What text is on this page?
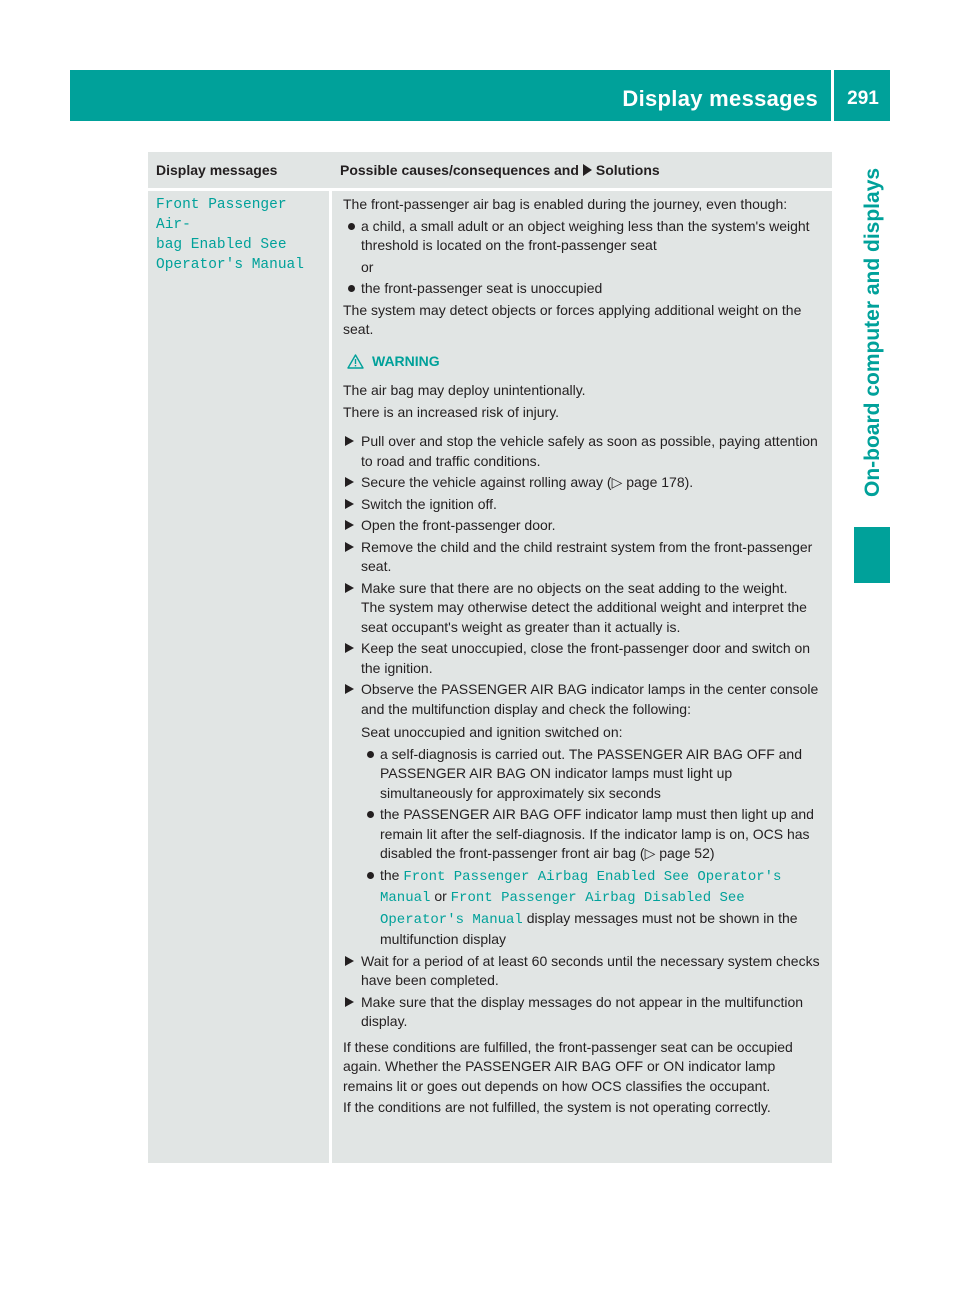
Display messages	291
On-board computer and displays
Display messages	Possible causes/consequences and Solutions
Front Passenger Air‐
bag Enabled See
Operator's Manual

The front-passenger air bag is enabled during the journey, even though:

a child, a small adult or an object weighing less than the system's weight threshold is located on the front-passenger seat
or
the front-passenger seat is unoccupied

The system may detect objects or forces applying additional weight on the seat.

WARNING

The air bag may deploy unintentionally.

There is an increased risk of injury.

Pull over and stop the vehicle safely as soon as possible, paying attention to road and traffic conditions.
Secure the vehicle against rolling away (▷ page 178).
Switch the ignition off.
Open the front-passenger door.
Remove the child and the child restraint system from the front-passenger seat.
Make sure that there are no objects on the seat adding to the weight.
The system may otherwise detect the additional weight and interpret the seat occupant's weight as greater than it actually is.
Keep the seat unoccupied, close the front-passenger door and switch on the ignition.
Observe the PASSENGER AIR BAG indicator lamps in the center console and the multifunction display and check the following:
Seat unoccupied and ignition switched on:
a self-diagnosis is carried out. The PASSENGER AIR BAG OFF and PASSENGER AIR BAG ON indicator lamps must light up simultaneously for approximately six seconds
the PASSENGER AIR BAG OFF indicator lamp must then light up and remain lit after the self-diagnosis. If the indicator lamp is on, OCS has disabled the front-passenger front air bag (▷ page 52)
the Front Passenger Airbag Enabled See Operator's Manual or Front Passenger Airbag Disabled See Operator's Manual display messages must not be shown in the multifunction display
Wait for a period of at least 60 seconds until the necessary system checks have been completed.
Make sure that the display messages do not appear in the multifunction display.

If these conditions are fulfilled, the front-passenger seat can be occupied again. Whether the PASSENGER AIR BAG OFF or ON indicator lamp remains lit or goes out depends on how OCS classifies the occupant.

If the conditions are not fulfilled, the system is not operating correctly.
